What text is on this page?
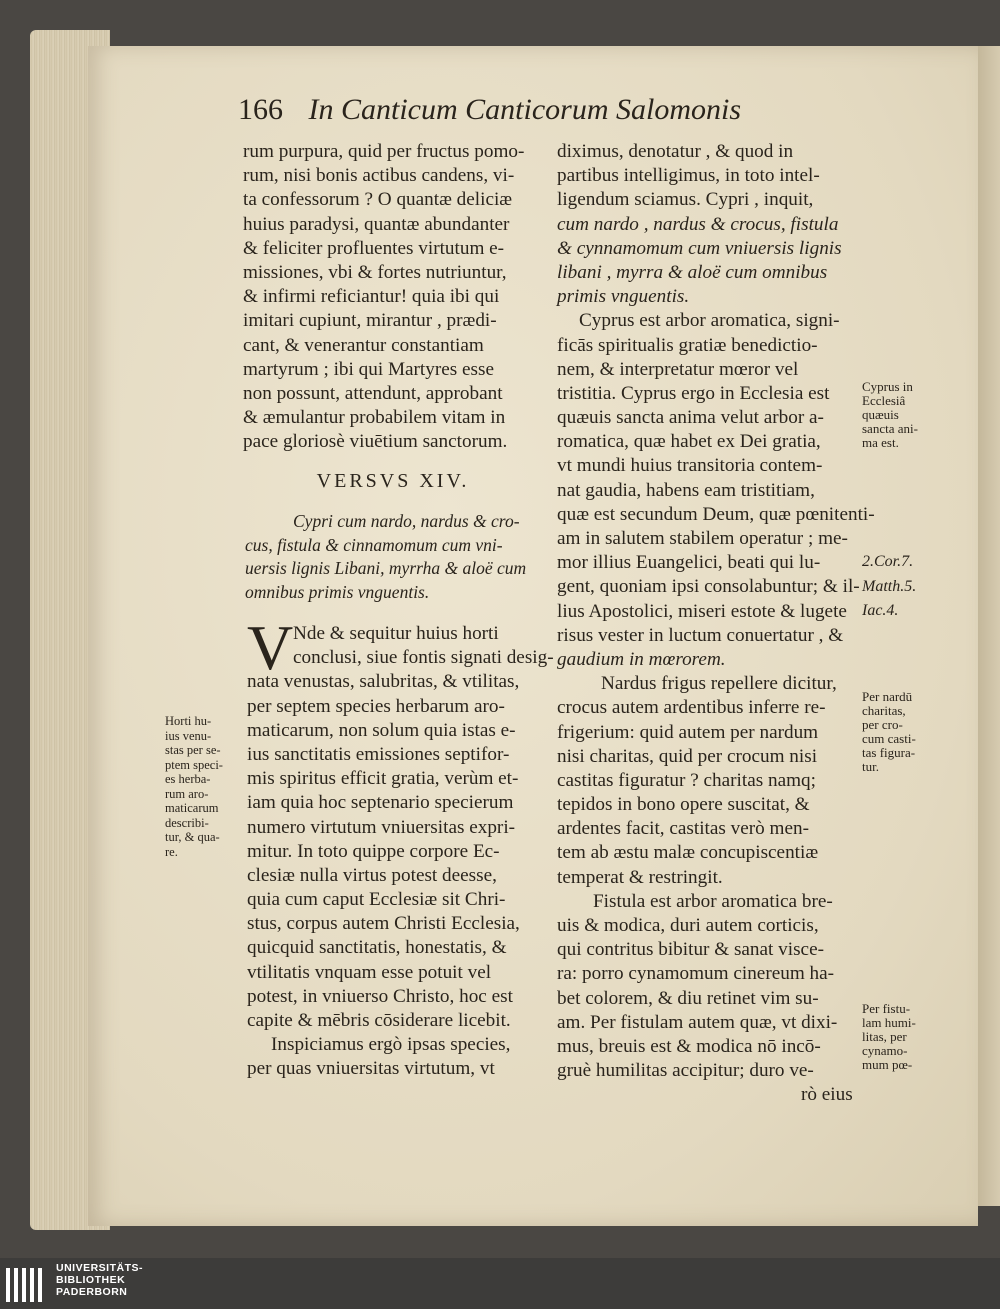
166 In Canticum Canticorum Salomonis
rum purpura, quid per fructus pomo-
rum, nisi bonis actibus candens, vi-
ta confessorum ? O quantæ deliciæ
huius paradysi, quantæ abundanter
& feliciter profluentes virtutum e-
missiones, vbi & fortes nutriuntur,
& infirmi reficiantur! quia ibi qui
imitari cupiunt, mirantur , prædi-
cant, & venerantur constantiam
martyrum ; ibi qui Martyres esse
non possunt, attendunt, approbant
& æmulantur probabilem vitam in
pace gloriosè viuētium sanctorum.
VERSVS XIV.
Cypri cum nardo, nardus & cro-
cus, fistula & cinnamomum cum vni-
uersis lignis Libani, myrrha & aloë cum
omnibus primis vnguentis.
V Nde & sequitur huius horti
conclusi, siue fontis signati desig-
nata venustas, salubritas, & vtilitas,
per septem species herbarum aro-
maticarum, non solum quia istas e-
ius sanctitatis emissiones septifor-
mis spiritus efficit gratia, verùm et-
iam quia hoc septenario specierum
numero virtutum vniuersitas expri-
mitur. In toto quippe corpore Ec-
clesiæ nulla virtus potest deesse,
quia cum caput Ecclesiæ sit Chri-
stus, corpus autem Christi Ecclesia,
quicquid sanctitatis, honestatis, &
vtilitatis vnquam esse potuit vel
potest, in vniuerso Christo, hoc est
capite & mēbris cōsiderare licebit.
Inspiciamus ergò ipsas species,
per quas vniuersitas virtutum, vt
Horti hu-
ius venu-
stas per se-
ptem speci-
es herba-
rum aro-
maticarum
describi-
tur, & qua-
re.
diximus, denotatur , & quod in
partibus intelligimus, in toto intel-
ligendum sciamus. Cypri , inquit,
cum nardo , nardus & crocus, fistula
& cynnamomum cum vniuersis lignis
libani , myrra & aloë cum omnibus
primis vnguentis.
Cyprus est arbor aromatica, signi-
ficās spiritualis gratiæ benedictio-
nem, & interpretatur mœror vel
tristitia. Cyprus ergo in Ecclesia est
quæuis sancta anima velut arbor a-
romatica, quæ habet ex Dei gratia,
vt mundi huius transitoria contem-
nat gaudia, habens eam tristitiam,
quæ est secundum Deum, quæ pœnitenti-
am in salutem stabilem operatur ; me-
mor illius Euangelici, beati qui lu-
gent, quoniam ipsi consolabuntur; & il-
lius Apostolici, miseri estote & lugete
risus vester in luctum conuertatur , &
gaudium in mœrorem.
Nardus frigus repellere dicitur,
crocus autem ardentibus inferre re-
frigerium: quid autem per nardum
nisi charitas, quid per crocum nisi
castitas figuratur ? charitas namq;
tepidos in bono opere suscitat, &
ardentes facit, castitas verò men-
tem ab æstu malæ concupiscentiæ
temperat & restringit.
Fistula est arbor aromatica bre-
uis & modica, duri autem corticis,
qui contritus bibitur & sanat visce-
ra: porro cynamomum cinereum ha-
bet colorem, & diu retinet vim su-
am. Per fistulam autem quæ, vt dixi-
mus, breuis est & modica nō incō-
gruè humilitas accipitur; duro ve-
rò eius
Cyprus in
Ecclesiâ
quæuis
sancta ani-
ma est.
2.Cor.7.
Matth.5.
Iac.4.
Per nardū
charitas,
per cro-
cum casti-
tas figura-
tur.
Per fistu-
lam humi-
litas, per
cynamo-
mum pœ-
UNIVERSITÄTS-
BIBLIOTHEK
PADERBORN
